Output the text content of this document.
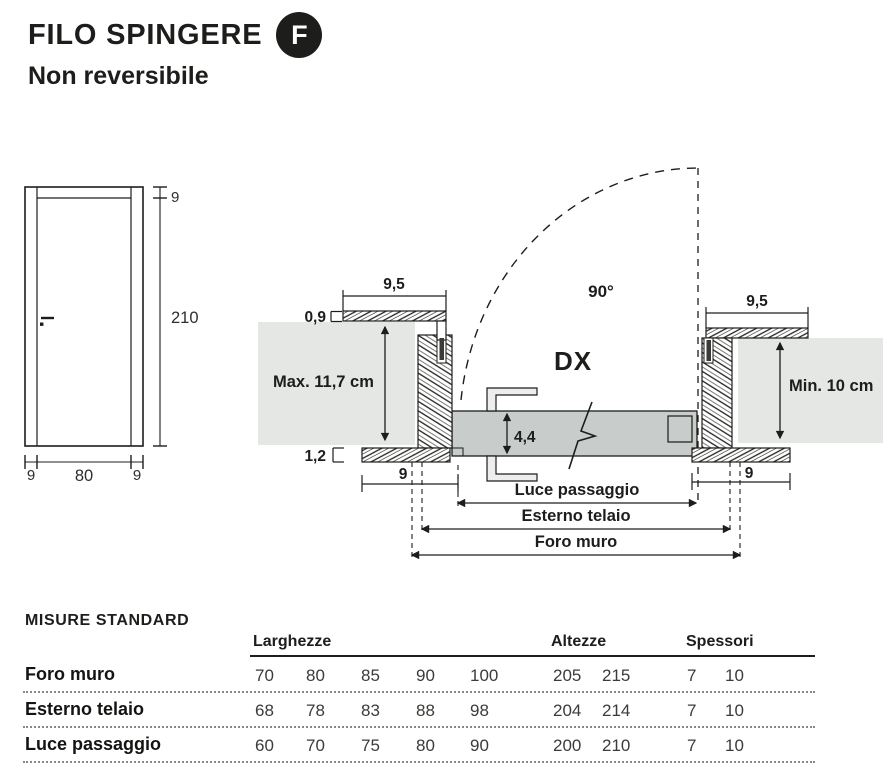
FILO SPINGERE F
Non reversibile
9
210
9 80	9
9,5
0,9
Max. 11,7 cm
1,2
9
9,5
Min. 10 cm
9
4,4
90°
DX
Luce passaggio
Esterno telaio
Foro muro
MISURE STANDARD
Larghezze	Altezze	Spessori
Foro muro	70 80 85 90 100	205 215	7 10
Esterno telaio	68 78 83 88 98	204 214	7 10
Luce passaggio	60 70 75 80 90	200 210	7 10
